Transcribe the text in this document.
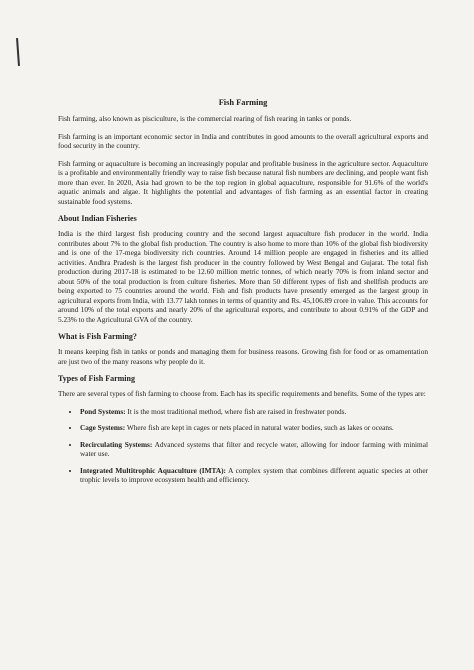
Fish Farming

Fish farming, also known as pisciculture, is the commercial rearing of fish rearing in tanks or ponds.

Fish farming is an important economic sector in India and contributes in good amounts to the overall agricultural exports and food security in the country.

Fish farming or aquaculture is becoming an increasingly popular and profitable business in the agriculture sector. Aquaculture is a profitable and environmentally friendly way to raise fish because natural fish numbers are declining, and people want fish more than ever. In 2020, Asia had grown to be the top region in global aquaculture, responsible for 91.6% of the world's aquatic animals and algae. It highlights the potential and advantages of fish farming as an essential factor in creating sustainable food systems.

About Indian Fisheries

India is the third largest fish producing country and the second largest aquaculture fish producer in the world. India contributes about 7% to the global fish production. The country is also home to more than 10% of the global fish biodiversity and is one of the 17-mega biodiversity rich countries. Around 14 million people are engaged in fisheries and its allied activities. Andhra Pradesh is the largest fish producer in the country followed by West Bengal and Gujarat. The total fish production during 2017-18 is estimated to be 12.60 million metric tonnes, of which nearly 70% is from inland sector and about 50% of the total production is from culture fisheries. More than 50 different types of fish and shellfish products are being exported to 75 countries around the world. Fish and fish products have presently emerged as the largest group in agricultural exports from India, with 13.77 lakh tonnes in terms of quantity and Rs. 45,106.89 crore in value. This accounts for around 10% of the total exports and nearly 20% of the agricultural exports, and contribute to about 0.91% of the GDP and 5.23% to the Agricultural GVA of the country.

What is Fish Farming?

It means keeping fish in tanks or ponds and managing them for business reasons. Growing fish for food or as ornamentation are just two of the many reasons why people do it.

Types of Fish Farming

There are several types of fish farming to choose from. Each has its specific requirements and benefits. Some of the types are:

• Pond Systems: It is the most traditional method, where fish are raised in freshwater ponds.
• Cage Systems: Where fish are kept in cages or nets placed in natural water bodies, such as lakes or oceans.
• Recirculating Systems: Advanced systems that filter and recycle water, allowing for indoor farming with minimal water use.
• Integrated Multitrophic Aquaculture (IMTA): A complex system that combines different aquatic species at other trophic levels to improve ecosystem health and efficiency.
